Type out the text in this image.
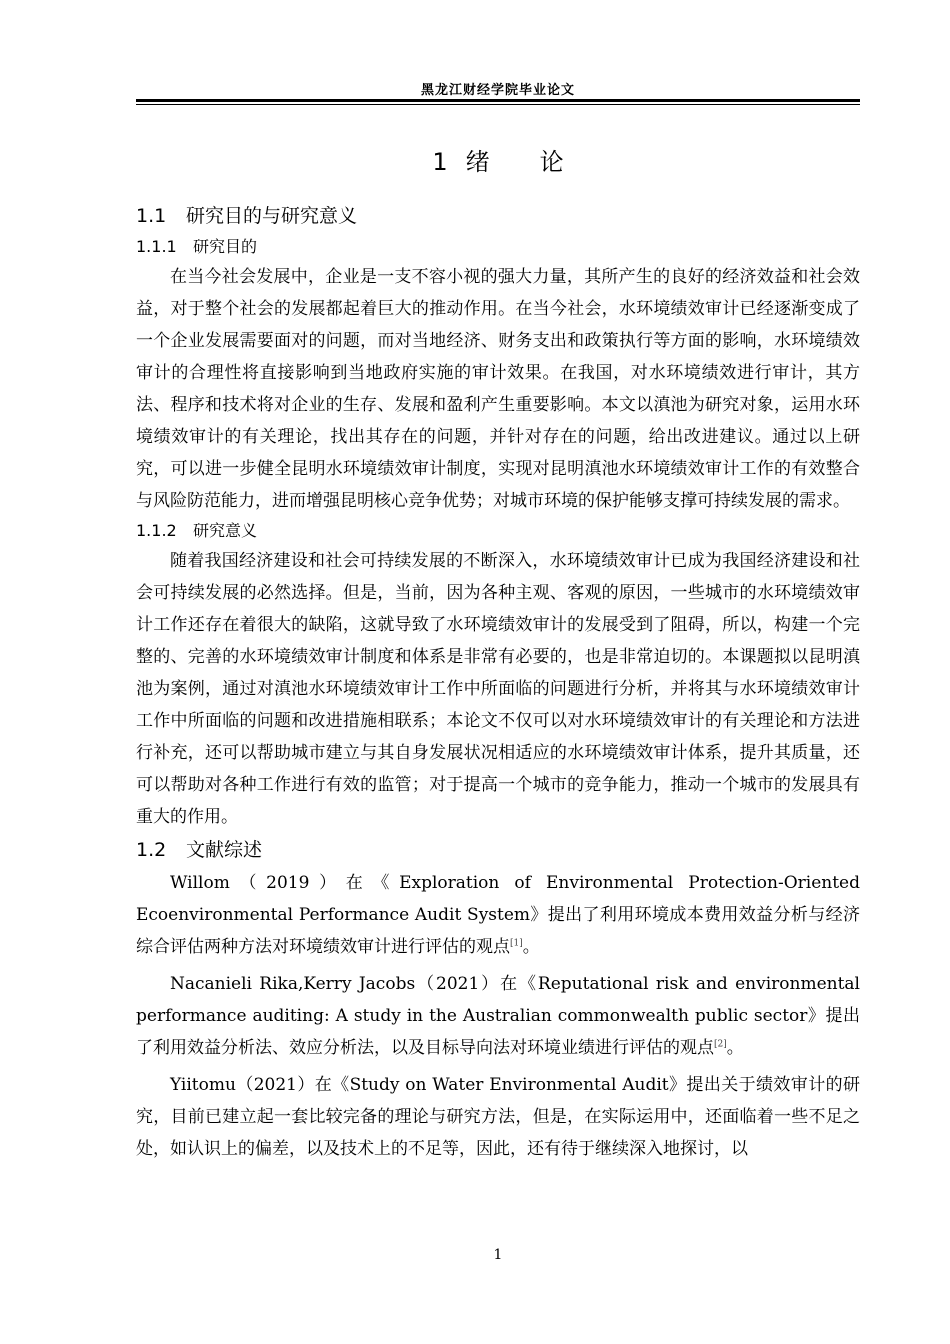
黑龙江财经学院毕业论文
1 绪 论
1.1 研究目的与研究意义
1.1.1 研究目的

在当今社会发展中，企业是一支不容小视的强大力量，其所产生的良好的经济效益和社会效益，对于整个社会的发展都起着巨大的推动作用。在当今社会，水环境绩效审计已经逐渐变成了一个企业发展需要面对的问题，而对当地经济、财务支出和政策执行等方面的影响，水环境绩效审计的合理性将直接影响到当地政府实施的审计效果。在我国，对水环境绩效进行审计，其方法、程序和技术将对企业的生存、发展和盈利产生重要影响。本文以滇池为研究对象，运用水环境绩效审计的有关理论，找出其存在的问题，并针对存在的问题，给出改进建议。通过以上研究，可以进一步健全昆明水环境绩效审计制度，实现对昆明滇池水环境绩效审计工作的有效整合与风险防范能力，进而增强昆明核心竞争优势；对城市环境的保护能够支撑可持续发展的需求。

1.1.2 研究意义

随着我国经济建设和社会可持续发展的不断深入，水环境绩效审计已成为我国经济建设和社会可持续发展的必然选择。但是，当前，因为各种主观、客观的原因，一些城市的水环境绩效审计工作还存在着很大的缺陷，这就导致了水环境绩效审计的发展受到了阻碍，所以，构建一个完整的、完善的水环境绩效审计制度和体系是非常有必要的，也是非常迫切的。本课题拟以昆明滇池为案例，通过对滇池水环境绩效审计工作中所面临的问题进行分析，并将其与水环境绩效审计工作中所面临的问题和改进措施相联系；本论文不仅可以对水环境绩效审计的有关理论和方法进行补充，还可以帮助城市建立与其自身发展状况相适应的水环境绩效审计体系，提升其质量，还可以帮助对各种工作进行有效的监管；对于提高一个城市的竞争能力，推动一个城市的发展具有重大的作用。

1.2 文献综述

Willom（2019）在《Exploration of Environmental Protection-Oriented Ecoenvironmental Performance Audit System》提出了利用环境成本费用效益分析与经济综合评估两种方法对环境绩效审计进行评估的观点[1]。

Nacanieli Rika,Kerry Jacobs（2021）在《Reputational risk and environmental performance auditing: A study in the Australian commonwealth public sector》提出了利用效益分析法、效应分析法，以及目标导向法对环境业绩进行评估的观点[2]。

Yiitomu（2021）在《Study on Water Environmental Audit》提出关于绩效审计的研究，目前已建立起一套比较完备的理论与研究方法，但是，在实际运用中，还面临着一些不足之处，如认识上的偏差，以及技术上的不足等，因此，还有待于继续深入地探讨，以

1
